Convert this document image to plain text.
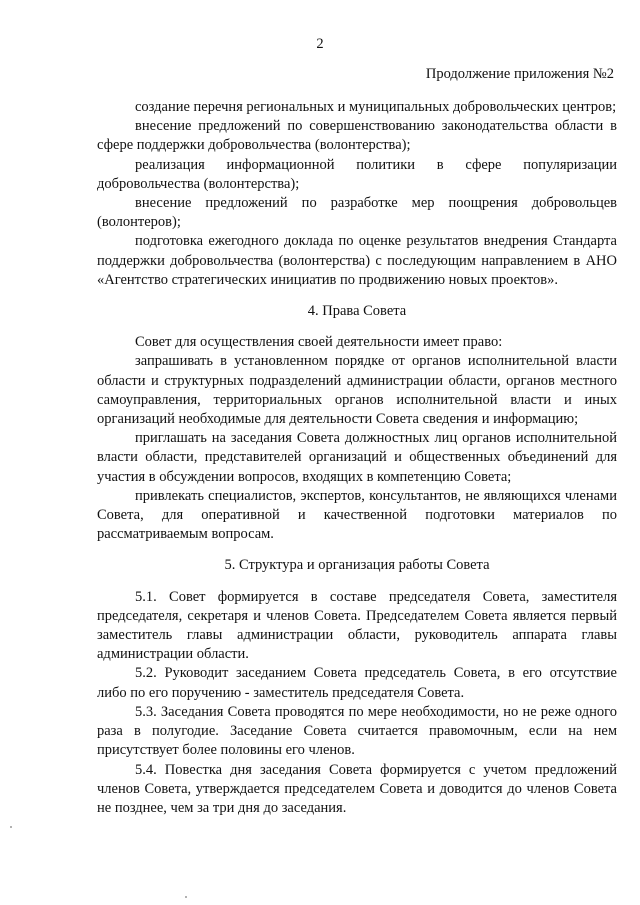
2
Продолжение приложения №2

создание перечня региональных и муниципальных добровольческих центров;

внесение предложений по совершенствованию законодательства области в сфере поддержки добровольчества (волонтерства);

реализация информационной политики в сфере популяризации добровольчества (волонтерства);

внесение предложений по разработке мер поощрения добровольцев (волонтеров);

подготовка ежегодного доклада по оценке результатов внедрения Стандарта поддержки добровольчества (волонтерства) с последующим направлением в АНО «Агентство стратегических инициатив по продвижению новых проектов».

4. Права Совета

Совет для осуществления своей деятельности имеет право:

запрашивать в установленном порядке от органов исполнительной власти области и структурных подразделений администрации области, органов местного самоуправления, территориальных органов исполнительной власти и иных организаций необходимые для деятельности Совета сведения и информацию;

приглашать на заседания Совета должностных лиц органов исполнительной власти области, представителей организаций и общественных объединений для участия в обсуждении вопросов, входящих в компетенцию Совета;

привлекать специалистов, экспертов, консультантов, не являющихся членами Совета, для оперативной и качественной подготовки материалов по рассматриваемым вопросам.

5. Структура и организация работы Совета

5.1. Совет формируется в составе председателя Совета, заместителя председателя, секретаря и членов Совета. Председателем Совета является первый заместитель главы администрации области, руководитель аппарата главы администрации области.

5.2. Руководит заседанием Совета председатель Совета, в его отсутствие либо по его поручению - заместитель председателя Совета.

5.3. Заседания Совета проводятся по мере необходимости, но не реже одного раза в полугодие. Заседание Совета считается правомочным, если на нем присутствует более половины его членов.

5.4. Повестка дня заседания Совета формируется с учетом предложений членов Совета, утверждается председателем Совета и доводится до членов Совета не позднее, чем за три дня до заседания.
